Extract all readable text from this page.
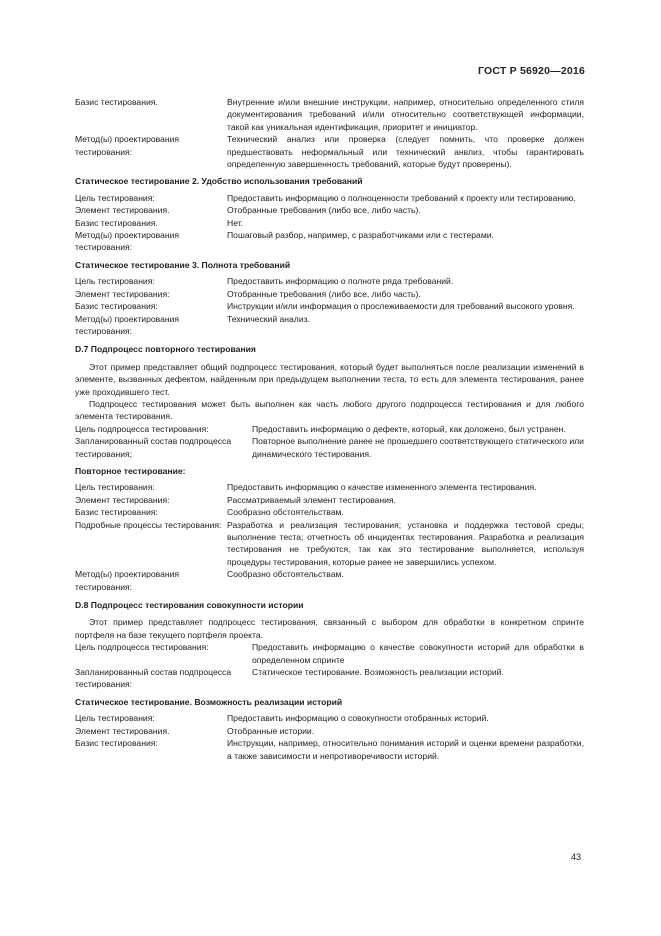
ГОСТ Р 56920—2016
Базис тестирования.	Внутренние и/или внешние инструкции, например, относительно определенного стиля документирования требований и/или относительно соответствующей информации, такой как уникальная идентификация, приоритет и инициатор.
Метод(ы) проектирования тестирования:
Технический анализ или проверка (следует помнить, что проверке должен предшествовать неформальный или технический анвлиз, чтобы гарантировать определенную завершенность требований, которые будут проверены).
Статическое тестирование 2. Удобство использования требований
Цель тестирования:	Предоставить информацию о полноценности требований к проекту или тестированию.
Элемент тестирования.	Отобранные требования (либо все, либо часть).
Базис тестирования.	Нет.
Метод(ы) проектирования тестирования:
Пошаговый разбор, например, с разработчиками или с тестерами.
Статическое тестирование 3. Полнота требований
Цель тестирования:	Предоставить информацию о полноте ряда требований.
Элемент тестирования:	Отобранные требования (либо все, либо часть).
Базис тестирования:	Инструкции и/или информация о прослеживаемости для требований высокого уровня.
Метод(ы) проектирования тестирования:
Технический анализ.
D.7 Подпроцесс повторного тестирования
Этот пример представляет общий подпроцесс тестирования, который будет выполняться после реализации изменений в элементе, вызванных дефектом, найденным при предыдущем выполнении теста, то есть для элемента тестирования, ранее уже проходившего тест.
Подпроцесс тестирования может быть выполнен как часть любого другого подпроцесса тестирования и для любого элемента тестирования.
Цель подпроцесса тестирования:	Предоставить информацию о дефекте, который, как доложено, был устранен.
Запланированный состав подпроцесса тестирования;
Повторное выполнение ранее не прошедшего соответствующего статического или динамического тестирования.
Повторное тестирование:
Цель тестирования:	Предоставить информацию о качестве измененного элемента тестирования.
Элемент тестирования:	Рассматриваемый элемент тестирования.
Базис тестирования:	Сообразно обстоятельствам.
Подробные процессы тестирования: Разработка и реализация тестирования; установка и поддержка тестовой среды; выполнение теста; отчетность об инцидентах тестирования. Разработка и реализация тестирования не требуются, так как это тестирование выполняется, используя процедуры тестирования, которые ранее не завершились успехом.
Метод(ы) проектирования тестирования:
Сообразно обстоятельствам.
D.8 Подпроцесс тестирования совокупности истории
Этот пример представляет подпроцесс тестирования, связанный с выбором для обработки в конкретном спринте портфеля на базе текущего портфеля проекта.
Цель подпроцесса тестирования:	Предоставить информацию о качестве совокупности историй для обработки в определенном спринте
Запланированный состав подпроцесса тестирования:
Статическое тестирование. Возможность реализации историй.
Статическое тестирование. Возможность реализации историй
Цель тестирования:	Предоставить информацию о совокупности отобранных историй.
Элемент тестирования.	Отобранные истории.
Базис тестирования:	Инструкции, например, относительно понимания историй и оценки времени разработки, а также зависимости и непротиворечивости историй.
43
